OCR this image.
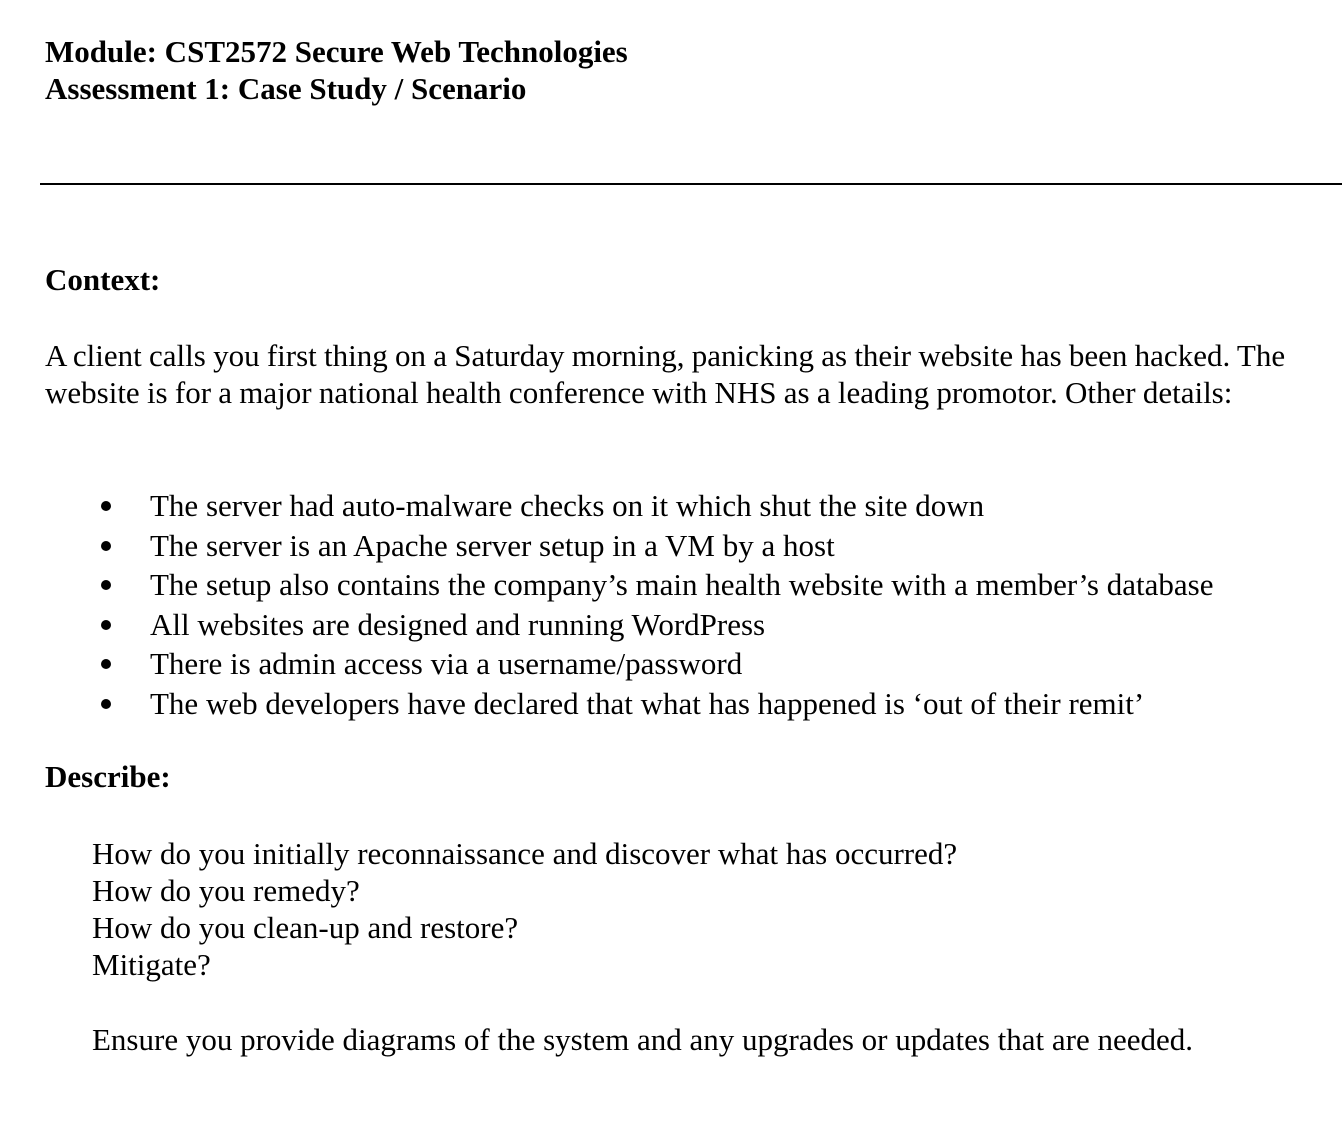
Module: CST2572 Secure Web Technologies
Assessment 1: Case Study / Scenario
Context:

A client calls you first thing on a Saturday morning, panicking as their website has been hacked. The website is for a major national health conference with NHS as a leading promotor. Other details:

The server had auto-malware checks on it which shut the site down
The server is an Apache server setup in a VM by a host
The setup also contains the company’s main health website with a member’s database
All websites are designed and running WordPress
There is admin access via a username/password
The web developers have declared that what has happened is ‘out of their remit’
Describe:
How do you initially reconnaissance and discover what has occurred?
How do you remedy?
How do you clean-up and restore?
Mitigate?
Ensure you provide diagrams of the system and any upgrades or updates that are needed.
